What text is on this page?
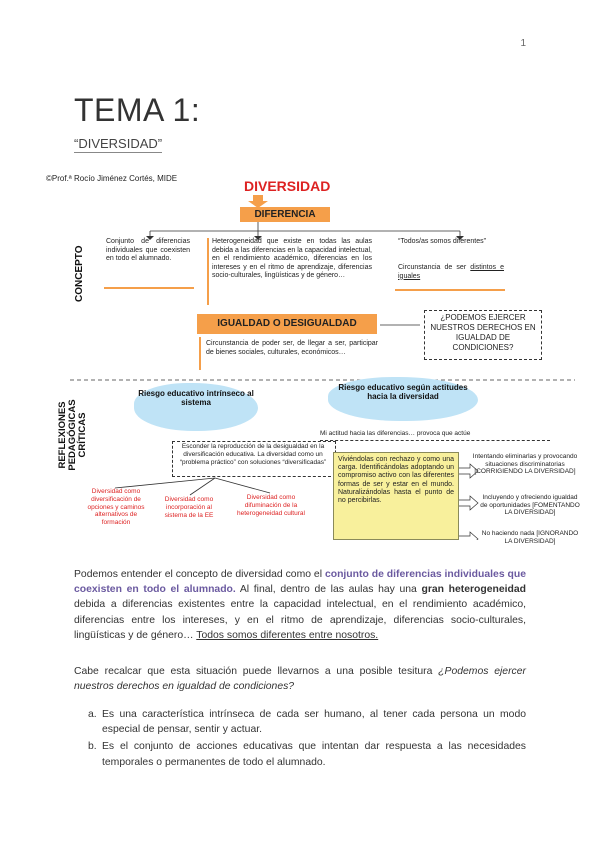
1
TEMA 1:
“DIVERSIDAD”
©Prof.ª Rocío Jiménez Cortés, MIDE	DIVERSIDAD
DIFERENCIA
CONCEPTO
Conjunto de diferencias individuales que coexisten en todo el alumnado.
Heterogeneidad que existe en todas las aulas debida a las diferencias en la capacidad intelectual, en el rendimiento académico, diferencias en los intereses y en el ritmo de aprendizaje, diferencias socio-culturales, lingüísticas y de género…
“Todos/as somos diferentes”
Circunstancia de ser distintos e iguales
IGUALDAD O DESIGUALDAD
Circunstancia de poder ser, de llegar a ser, participar de bienes sociales, culturales, económicos…
¿PODEMOS EJERCER NUESTROS DERECHOS EN IGUALDAD DE CONDICIONES?
REFLEXIONES PEDAGÓGICAS CRÍTICAS
Riesgo educativo intrínseco al sistema
Riesgo educativo según actitudes hacia la diversidad
Mi actitud hacia las diferencias… provoca que actúe
Esconder la reproducción de la desigualdad en la diversificación educativa. La diversidad como un “problema práctico” con soluciones “diversificadas”
Diversidad como diversificación de opciones y caminos alternativos de formación
Diversidad como incorporación al sistema de la EE
Diversidad como difuminación de la heterogeneidad cultural
Viviéndolas con rechazo y como una carga. Identificándolas adoptando un compromiso activo con las diferentes formas de ser y estar en el mundo. Naturalizándolas hasta el punto de no percibirlas.
Intentando eliminarlas y provocando situaciones discriminatorias [CORRIGIENDO LA DIVERSIDAD]
Incluyendo y ofreciendo igualdad de oportunidades [FOMENTANDO LA DIVERSIDAD]
No haciendo nada [IGNORANDO LA DIVERSIDAD]
Podemos entender el concepto de diversidad como el conjunto de diferencias individuales que coexisten en todo el alumnado. Al final, dentro de las aulas hay una gran heterogeneidad debida a diferencias existentes entre la capacidad intelectual, en el rendimiento académico, diferencias entre los intereses, y en el ritmo de aprendizaje, diferencias socio-culturales, lingüísticas y de género… Todos somos diferentes entre nosotros.
Cabe recalcar que esta situación puede llevarnos a una posible tesitura ¿Podemos ejercer nuestros derechos en igualdad de condiciones?
a. Es una característica intrínseca de cada ser humano, al tener cada persona un modo especial de pensar, sentir y actuar.
b. Es el conjunto de acciones educativas que intentan dar respuesta a las necesidades temporales o permanentes de todo el alumnado.
